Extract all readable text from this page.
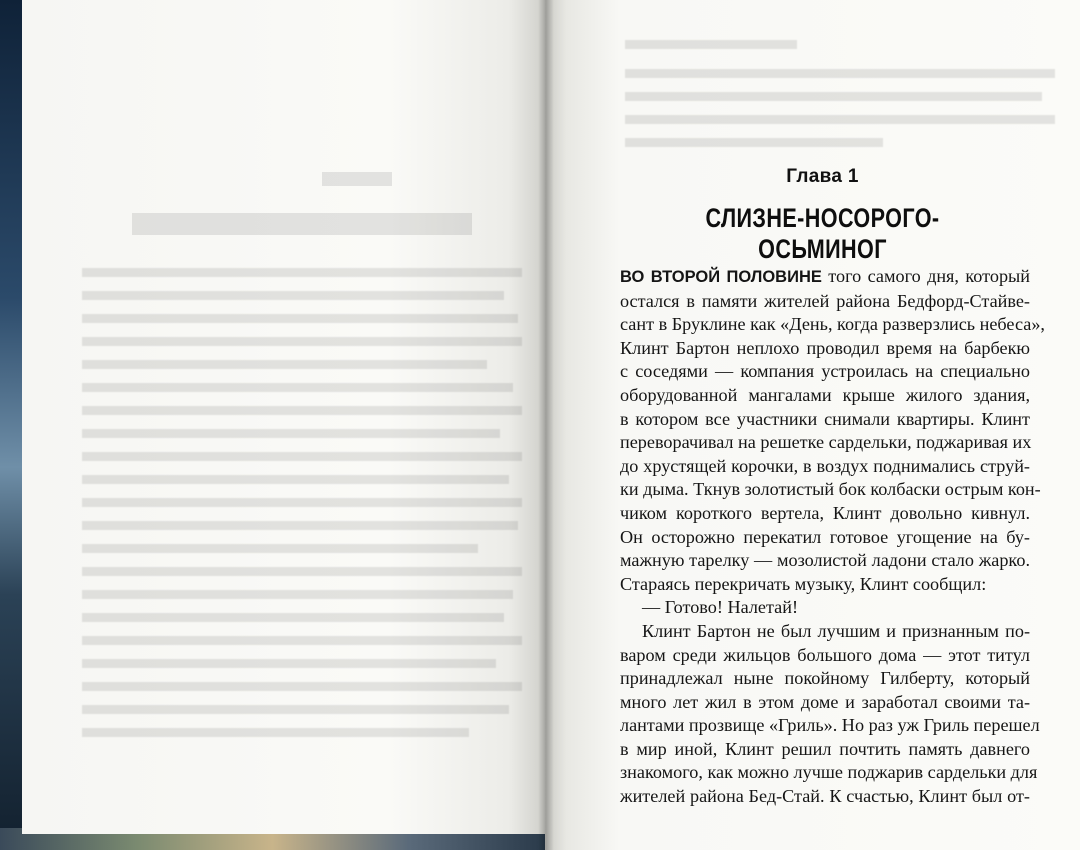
Глава 1
СЛИЗНЕ-НОСОРОГО-ОСЬМИНОГ
ВО ВТОРОЙ ПОЛОВИНЕ того самого дня, который
остался в памяти жителей района Бедфорд-Стайве-
сант в Бруклине как «День, когда разверзлись небеса»,
Клинт Бартон неплохо проводил время на барбекю
с соседями — компания устроилась на специально
оборудованной мангалами крыше жилого здания,
в котором все участники снимали квартиры. Клинт
переворачивал на решетке сардельки, поджаривая их
до хрустящей корочки, в воздух поднимались струй-
ки дыма. Ткнув золотистый бок колбаски острым кон-
чиком короткого вертела, Клинт довольно кивнул.
Он осторожно перекатил готовое угощение на бу-
мажную тарелку — мозолистой ладони стало жарко.
Стараясь перекричать музыку, Клинт сообщил:
— Готово! Налетай!
Клинт Бартон не был лучшим и признанным по-
варом среди жильцов большого дома — этот титул
принадлежал ныне покойному Гилберту, который
много лет жил в этом доме и заработал своими та-
лантами прозвище «Гриль». Но раз уж Гриль перешел
в мир иной, Клинт решил почтить память давнего
знакомого, как можно лучше поджарив сардельки для
жителей района Бед-Стай. К счастью, Клинт был от-
